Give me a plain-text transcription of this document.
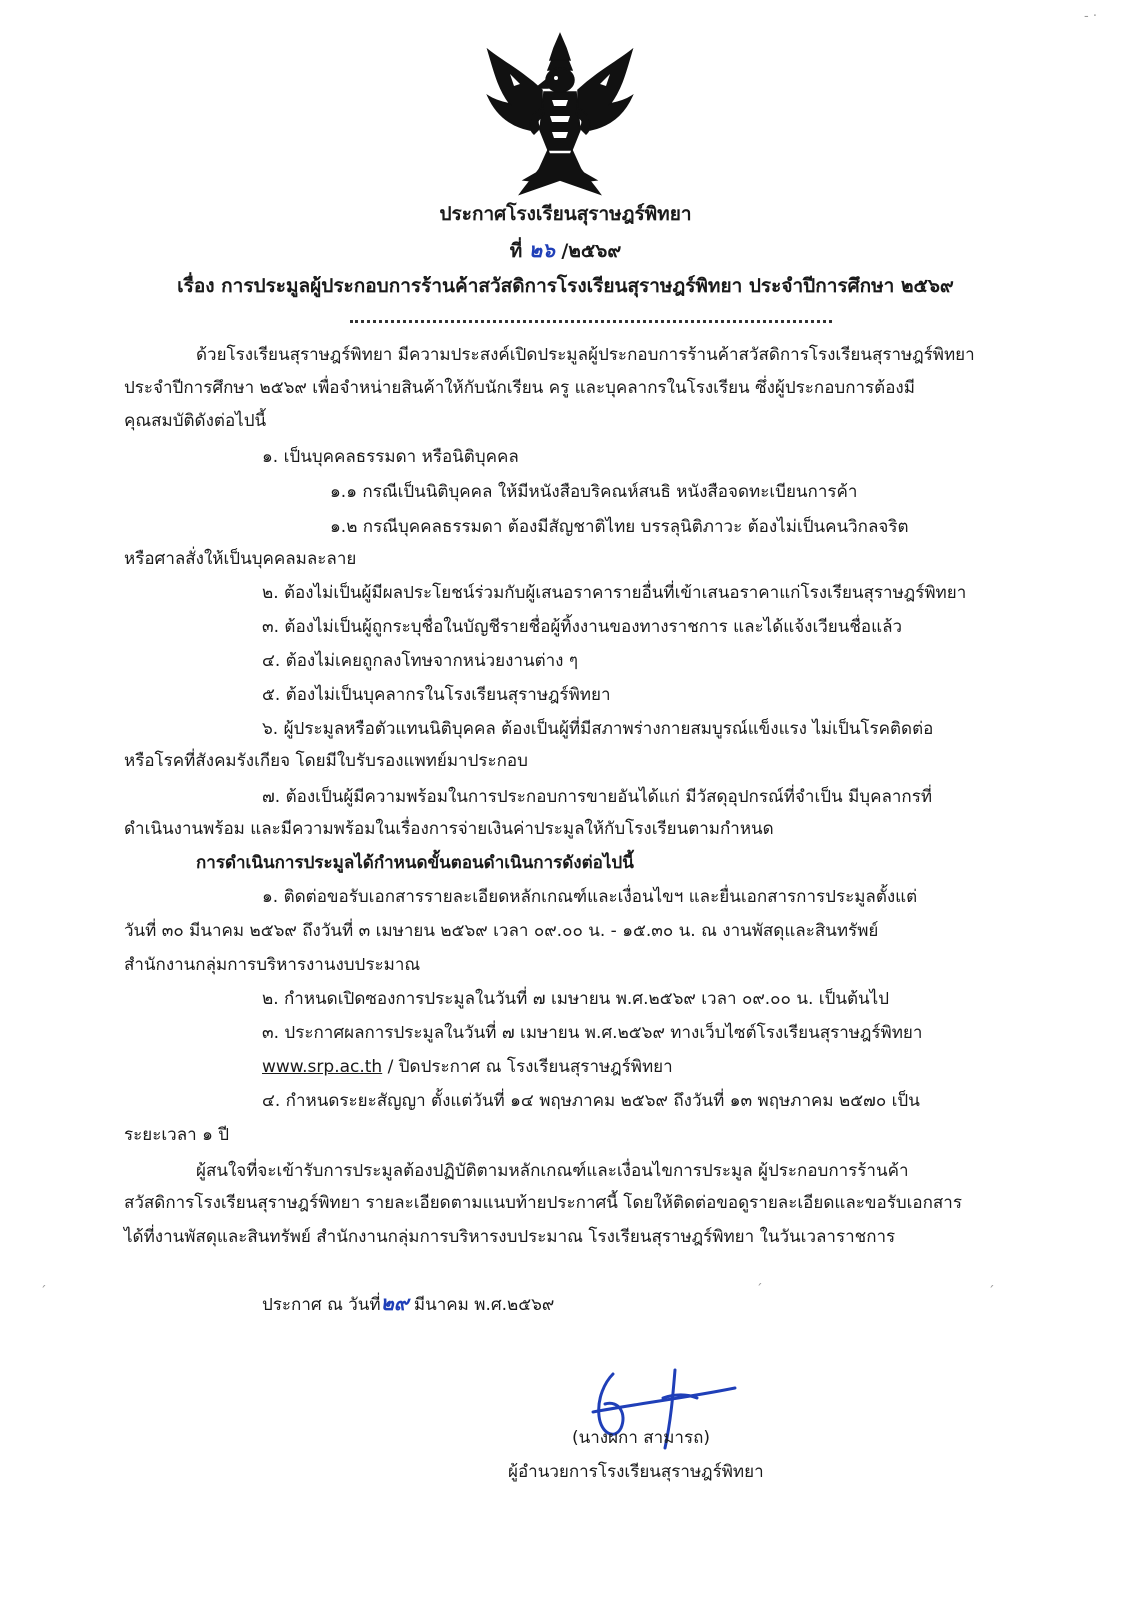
ประกาศโรงเรียนสุราษฎร์พิทยา
ที่ ๒๖ /๒๕๖๙
เรื่อง การประมูลผู้ประกอบการร้านค้าสวัสดิการโรงเรียนสุราษฎร์พิทยา ประจำปีการศึกษา ๒๕๖๙
ด้วยโรงเรียนสุราษฎร์พิทยา มีความประสงค์เปิดประมูลผู้ประกอบการร้านค้าสวัสดิการโรงเรียนสุราษฎร์พิทยา
ประจำปีการศึกษา ๒๕๖๙ เพื่อจำหน่ายสินค้าให้กับนักเรียน ครู และบุคลากรในโรงเรียน ซึ่งผู้ประกอบการต้องมี
คุณสมบัติดังต่อไปนี้
๑. เป็นบุคคลธรรมดา หรือนิติบุคคล
๑.๑ กรณีเป็นนิติบุคคล ให้มีหนังสือบริคณห์สนธิ หนังสือจดทะเบียนการค้า
๑.๒ กรณีบุคคลธรรมดา ต้องมีสัญชาติไทย บรรลุนิติภาวะ ต้องไม่เป็นคนวิกลจริต
หรือศาลสั่งให้เป็นบุคคลมละลาย
๒. ต้องไม่เป็นผู้มีผลประโยชน์ร่วมกับผู้เสนอราคารายอื่นที่เข้าเสนอราคาแก่โรงเรียนสุราษฎร์พิทยา
๓. ต้องไม่เป็นผู้ถูกระบุชื่อในบัญชีรายชื่อผู้ทิ้งงานของทางราชการ และได้แจ้งเวียนชื่อแล้ว
๔. ต้องไม่เคยถูกลงโทษจากหน่วยงานต่าง ๆ
๕. ต้องไม่เป็นบุคลากรในโรงเรียนสุราษฎร์พิทยา
๖. ผู้ประมูลหรือตัวแทนนิติบุคคล ต้องเป็นผู้ที่มีสภาพร่างกายสมบูรณ์แข็งแรง ไม่เป็นโรคติดต่อ
หรือโรคที่สังคมรังเกียจ โดยมีใบรับรองแพทย์มาประกอบ
๗. ต้องเป็นผู้มีความพร้อมในการประกอบการขายอันได้แก่ มีวัสดุอุปกรณ์ที่จำเป็น มีบุคลากรที่
ดำเนินงานพร้อม และมีความพร้อมในเรื่องการจ่ายเงินค่าประมูลให้กับโรงเรียนตามกำหนด
การดำเนินการประมูลได้กำหนดขั้นตอนดำเนินการดังต่อไปนี้
๑. ติดต่อขอรับเอกสารรายละเอียดหลักเกณฑ์และเงื่อนไขฯ และยื่นเอกสารการประมูลตั้งแต่
วันที่ ๓๐ มีนาคม ๒๕๖๙ ถึงวันที่ ๓ เมษายน ๒๕๖๙ เวลา ๐๙.๐๐ น. - ๑๕.๓๐ น. ณ งานพัสดุและสินทรัพย์
สำนักงานกลุ่มการบริหารงานงบประมาณ
๒. กำหนดเปิดซองการประมูลในวันที่ ๗ เมษายน พ.ศ.๒๕๖๙ เวลา ๐๙.๐๐ น. เป็นต้นไป
๓. ประกาศผลการประมูลในวันที่ ๗ เมษายน พ.ศ.๒๕๖๙ ทางเว็บไซต์โรงเรียนสุราษฎร์พิทยา
www.srp.ac.th / ปิดประกาศ ณ โรงเรียนสุราษฎร์พิทยา
๔. กำหนดระยะสัญญา ตั้งแต่วันที่ ๑๔ พฤษภาคม ๒๕๖๙ ถึงวันที่ ๑๓ พฤษภาคม ๒๕๗๐ เป็น
ระยะเวลา ๑ ปี
ผู้สนใจที่จะเข้ารับการประมูลต้องปฏิบัติตามหลักเกณฑ์และเงื่อนไขการประมูล ผู้ประกอบการร้านค้า
สวัสดิการโรงเรียนสุราษฎร์พิทยา รายละเอียดตามแนบท้ายประกาศนี้ โดยให้ติดต่อขอดูรายละเอียดและขอรับเอกสาร
ได้ที่งานพัสดุและสินทรัพย์ สำนักงานกลุ่มการบริหารงบประมาณ โรงเรียนสุราษฎร์พิทยา ในวันเวลาราชการ
ประกาศ ณ วันที่๒๙ มีนาคม พ.ศ.๒๕๖๙
(นางผกา สามารถ)
ผู้อำนวยการโรงเรียนสุราษฎร์พิทยา
- ·
ˊ	ˊ	ˊ
